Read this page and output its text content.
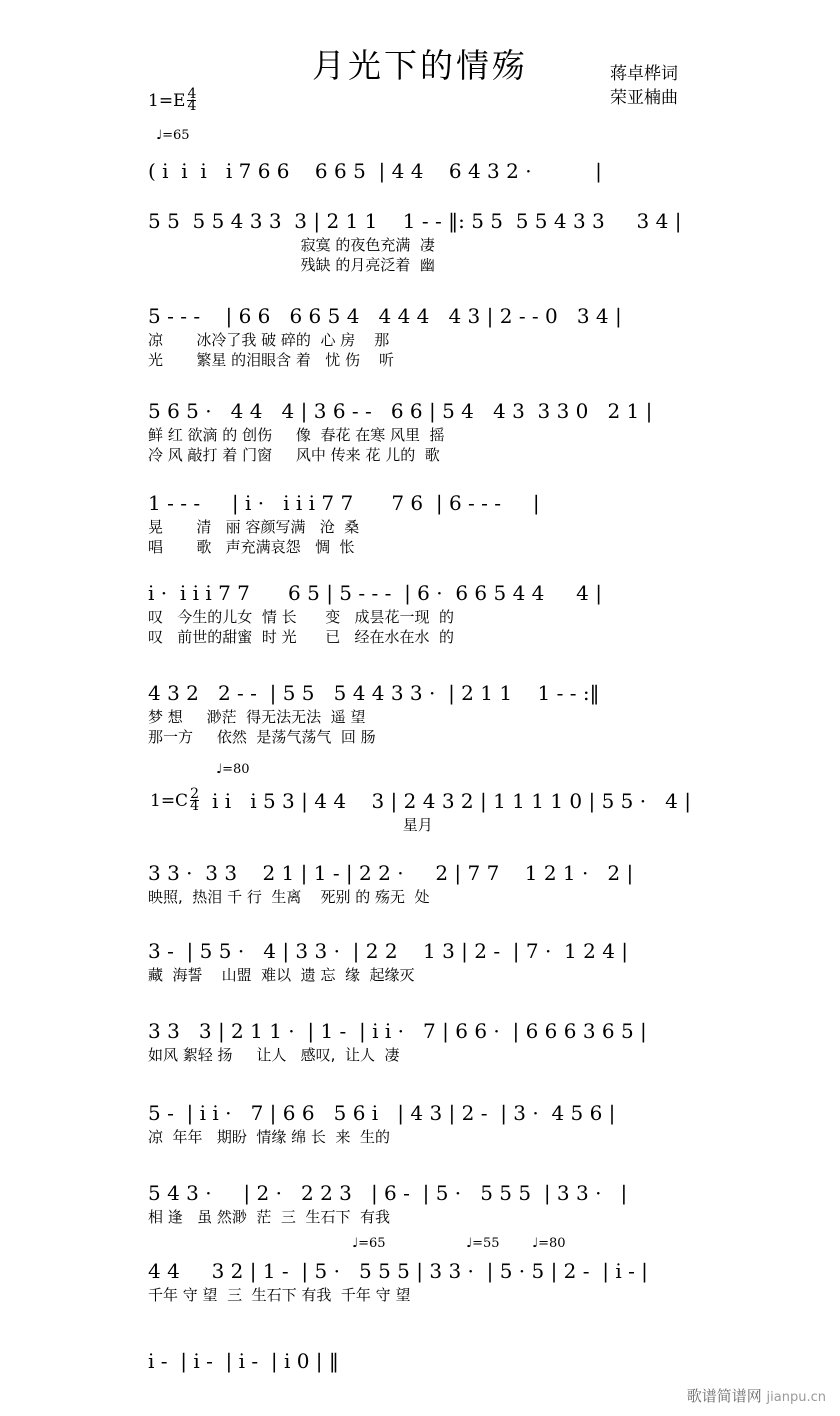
月光下的情殇	蒋卓桦词
荣亚楠曲
$1=E \frac{4}{4}$
♩=65
( i  i  i   i 7 6 6    6 6 5  | 4 4    6 4 3 2 ·          |
5 5  5 5 4 3 3  3 | 2 1 1    1 - - ‖: 5 5  5 5 4 3 3     3 4 |
寂寞 的夜色充满  凄
残缺 的月亮泛着  幽
5 - - -    | 6 6   6 6 5 4   4 4 4   4 3 | 2 - - 0   3 4 |
凉       冰冷了我 破 碎的  心 房    那
光       繁星 的泪眼含 着   忧 伤    听
5 6 5 ·   4 4   4 | 3 6 - -   6 6 | 5 4   4 3  3 3 0   2 1 |
鲜 红 欲滴 的 创伤     像  春花 在寒 风里  摇
冷 风 敲打 着 门窗     风中 传来 花 儿的  歌
1 - - -     | i ·   i i i 7 7      7 6  | 6 - - -     |
晃       清   丽 容颜写满   沧  桑
唱       歌   声充满哀怨   惆  怅
i ·  i i i 7 7      6 5 | 5 - - -  | 6 ·  6 6 5 4 4     4 |
叹   今生的儿女  情 长      变   成昙花一现  的
叹   前世的甜蜜  时 光      已   经在水在水  的
4 3 2   2 - -  | 5 5   5 4 4 3 3 ·  | 2 1 1    1 - - :‖
梦 想     渺茫  得无法无法  遥 望
那一方     依然  是荡气荡气  回 肠
♩=80
$1=C \frac{2}{4}$ i i   i 5 3 | 4 4    3 | 2 4 3 2 | 1 1 1 1 0 | 5 5 ·   4 |
星月
3 3 ·  3 3    2 1 | 1 - | 2 2 ·     2 | 7 7    1 2 1 ·   2 |
映照,  热泪 千 行  生离    死别 的 殇无  处
3 -  | 5 5 ·   4 | 3 3 ·  | 2 2    1 3 | 2 -  | 7 ·  1 2 4 |
藏  海誓    山盟  难以  遗 忘  缘  起缘灭
3 3   3 | 2 1 1 ·  | 1 -  | i i ·   7 | 6 6 ·  | 6 6 6 3 6 5 |
如风 絮轻 扬     让人   感叹,  让人  凄
5 -  | i i ·   7 | 6 6   5 6 i   | 4 3 | 2 -  | 3 ·  4 5 6 |
凉  年年   期盼  情缘 绵 长  来  生的
5 4 3 ·     | 2 ·   2 2 3   | 6 -  | 5 ·   5 5 5  | 3 3 ·   |
相 逢   虽 然渺  茫  三  生石下  有我
♩=65	♩=55 ♩=80
4 4     3 2 | 1 -  | 5 ·   5 5 5 | 3 3 ·  | 5 · 5 | 2 -  | i - |
千年 守 望  三  生石下 有我  千年 守 望
i -  | i -  | i -  | i 0 | ‖
歌谱简谱网 jianpu.cn
